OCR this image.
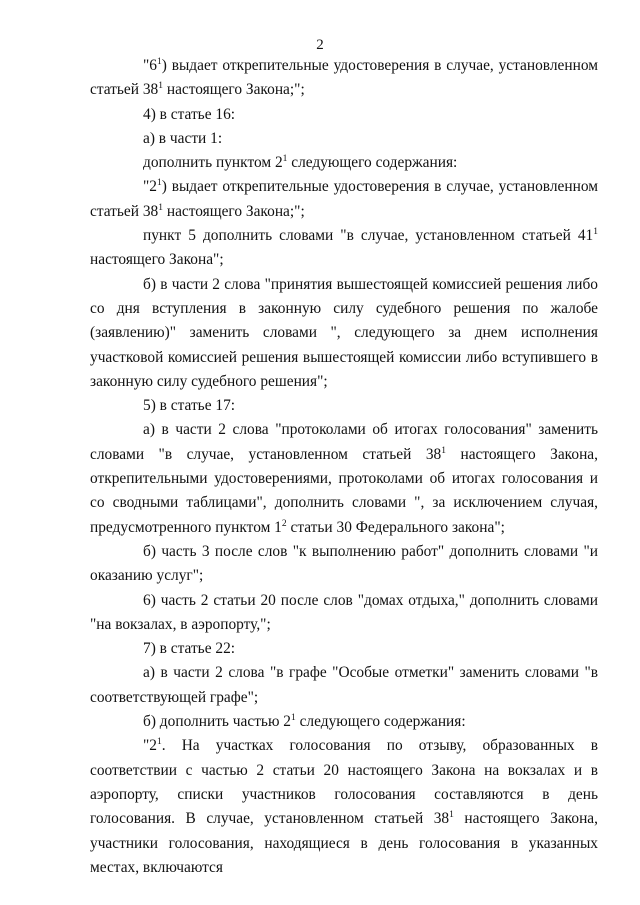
2

"$6^1$) выдает открепительные удостоверения в случае, установленном статьей $38^1$ настоящего Закона;";

4) в статье 16:

а) в части 1:

дополнить пунктом $2^1$ следующего содержания:

"$2^1$) выдает открепительные удостоверения в случае, установленном статьей $38^1$ настоящего Закона;";

пункт 5 дополнить словами "в случае, установленном статьей $41^1$ настоящего Закона";

б) в части 2 слова "принятия вышестоящей комиссией решения либо со дня вступления в законную силу судебного решения по жалобе (заявлению)" заменить словами ", следующего за днем исполнения участковой комиссией решения вышестоящей комиссии либо вступившего в законную силу судебного решения";

5) в статье 17:

а) в части 2 слова "протоколами об итогах голосования" заменить словами "в случае, установленном статьей $38^1$ настоящего Закона, открепительными удостоверениями, протоколами об итогах голосования и со сводными таблицами", дополнить словами ", за исключением случая, предусмотренного пунктом $1^2$ статьи 30 Федерального закона";

б) часть 3 после слов "к выполнению работ" дополнить словами "и оказанию услуг";

6) часть 2 статьи 20 после слов "домах отдыха," дополнить словами "на вокзалах, в аэропорту,";

7) в статье 22:

а) в части 2 слова "в графе "Особые отметки" заменить словами "в соответствующей графе";

б) дополнить частью $2^1$ следующего содержания:

"$2^1$. На участках голосования по отзыву, образованных в соответствии с частью 2 статьи 20 настоящего Закона на вокзалах и в аэропорту, списки участников голосования составляются в день голосования. В случае, установленном статьей $38^1$ настоящего Закона, участники голосования, находящиеся в день голосования в указанных местах, включаются
